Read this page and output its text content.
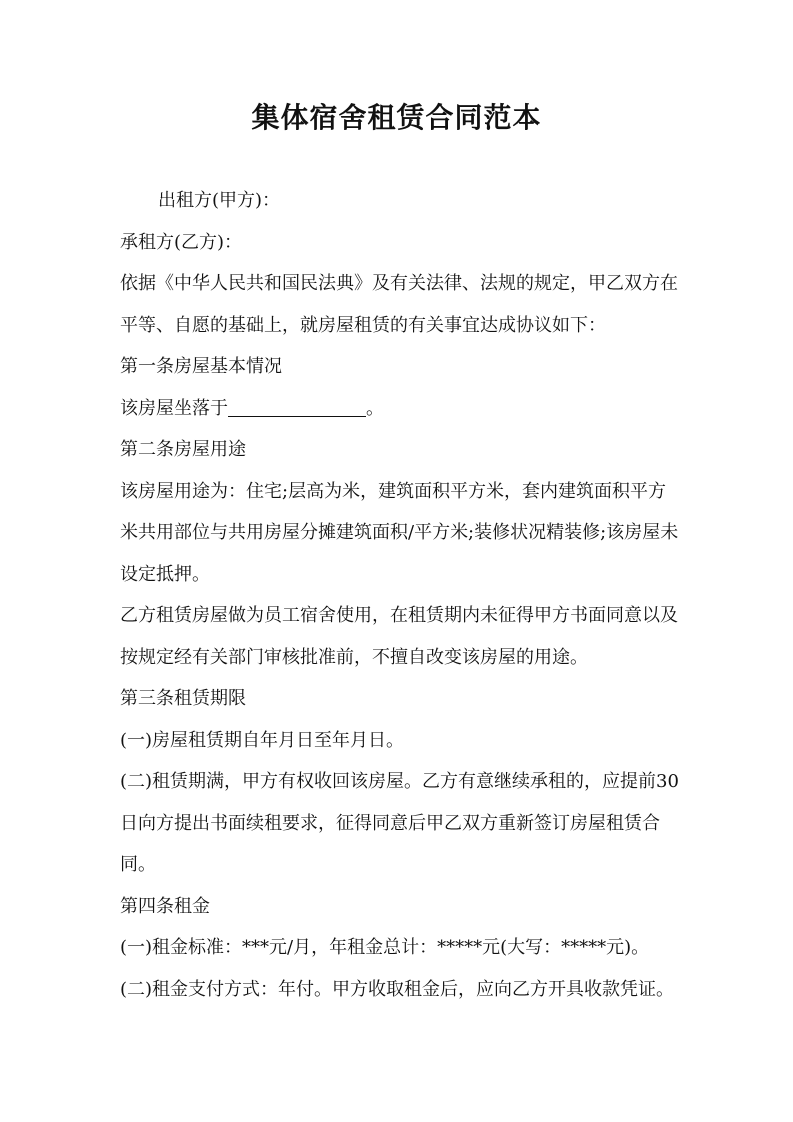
集体宿舍租赁合同范本

出租方(甲方)：

承租方(乙方)：

依据《中华人民共和国民法典》及有关法律、法规的规定，甲乙双方在平等、自愿的基础上，就房屋租赁的有关事宜达成协议如下：

第一条房屋基本情况

该房屋坐落于	。

第二条房屋用途

该房屋用途为：住宅;层高为米，建筑面积平方米，套内建筑面积平方米共用部位与共用房屋分摊建筑面积/平方米;装修状况精装修;该房屋未设定抵押。

乙方租赁房屋做为员工宿舍使用，在租赁期内未征得甲方书面同意以及按规定经有关部门审核批准前，不擅自改变该房屋的用途。

第三条租赁期限

(一)房屋租赁期自年月日至年月日。

(二)租赁期满，甲方有权收回该房屋。乙方有意继续承租的，应提前30日向方提出书面续租要求，征得同意后甲乙双方重新签订房屋租赁合同。

第四条租金

(一)租金标准：***元/月，年租金总计：*****元(大写：*****元)。

(二)租金支付方式：年付。甲方收取租金后，应向乙方开具收款凭证。
